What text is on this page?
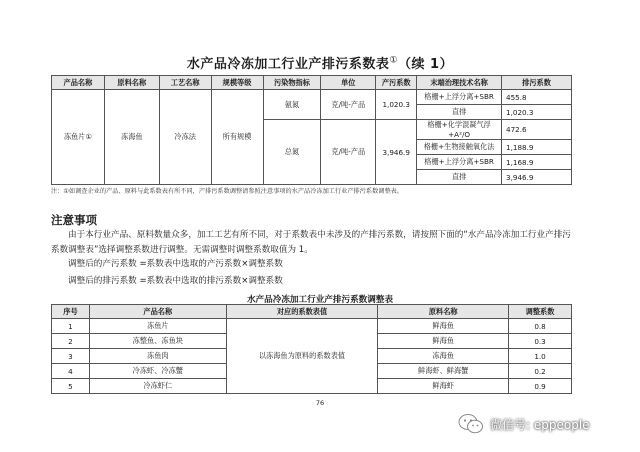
水产品冷冻加工行业产排污系数表①（续 1）
产品名称	原料名称	工艺名称	规模等级	污染物指标	单位	产污系数	末端治理技术名称	排污系数
冻鱼片①	冻海鱼	冷冻法	所有规模	氨氮	克/吨-产品	1,020.3	格栅+上浮分离+SBR	455.8
							直排	1,020.3
				总氮	克/吨-产品	3,946.9	格栅+化学混凝气浮+A²/O	472.6
							格栅+生物接触氧化法	1,188.9
							格栅+上浮分离+SBR	1,168.9
							直排	3,946.9
注：①如调查企业的产品、原料与此系数表有所不同，产排污系数调整请参照注意事项的水产品冷冻加工行业产排污系数调整表。
注意事项
由于本行业产品、原料数量众多，加工工艺有所不同，对于系数表中未涉及的产排污系数，请按照下面的“水产品冷冻加工行业产排污系数调整表”选择调整系数进行调整。无需调整时调整系数取值为 1。
调整后的产污系数 =系数表中选取的产污系数×调整系数
调整后的排污系数 =系数表中选取的排污系数×调整系数
水产品冷冻加工行业产排污系数调整表
序号	产品名称	对应的系数表值	原料名称	调整系数
1	冻鱼片	以冻海鱼为原料的系数表值	鲜海鱼	0.8
2	冻整鱼、冻鱼块		鲜海鱼	0.3
3	冻鱼肉		冻海鱼	1.0
4	冷冻虾、冷冻蟹		鲜海虾、鲜海蟹	0.2
5	冷冻虾仁		鲜海虾	0.9
76
微信号: eppeople
